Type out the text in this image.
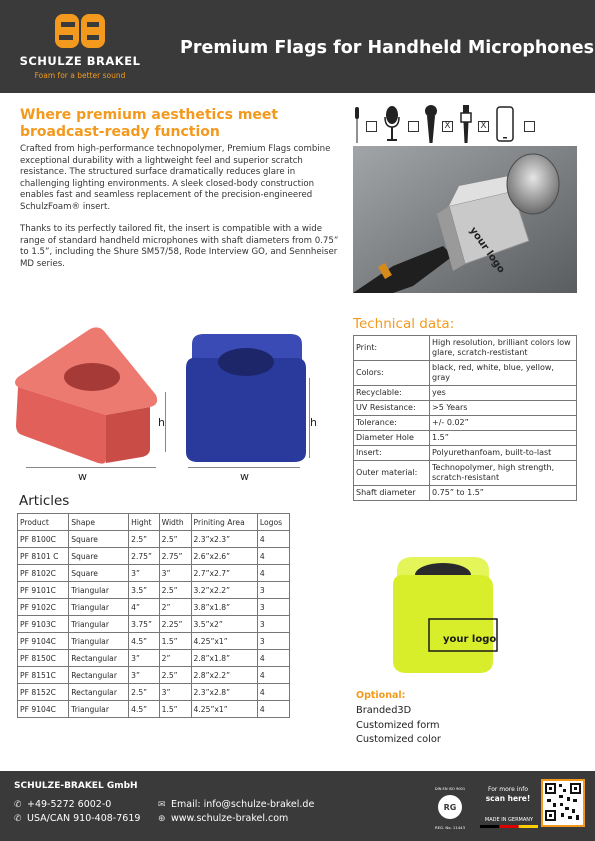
SCHULZE BRAKEL
Foam for a better sound
Premium Flags for Handheld Microphones
Where premium aesthetics meet broadcast-ready function

Crafted from high-performance technopolymer, Premium Flags combine exceptional durability with a lightweight feel and superior scratch resistance. The structured surface dramatically reduces glare in challenging lighting environments. A sleek closed-body construction enables fast and seamless replacement of the precision-engineered SchulzFoam® insert.

Thanks to its perfectly tailored fit, the insert is compatible with a wide range of standard handheld microphones with shaft diameters from 0.75” to 1.5”, including the Shure SM57/58, Rode Interview GO, and Sennheiser MD series.

X	X
your logo
h
w
h
w
Technical data:
Print:	High resolution, brilliant colors low glare, scratch-restistant
Colors:	black, red, white, blue, yellow, gray
Recyclable:	yes
UV Resistance:	>5 Years
Tolerance:	+/- 0.02”
Diameter Hole	1.5”
Insert:	Polyurethanfoam, built-to-last
Outer material:	Technopolymer, high strength, scratch-resistant
Shaft diameter	0.75” to 1.5”
Articles
Product	Shape	Hight	Width	Priniting Area	Logos
PF 8100C	Square	2.5”	2.5”	2.3”x2.3”	4
PF 8101 C	Square	2.75”	2.75”	2.6”x2.6”	4
PF 8102C	Square	3”	3”	2.7”x2.7”	4
PF 9101C	Triangular	3.5”	2.5”	3.2”x2.2”	3
PF 9102C	Triangular	4”	2”	3.8”x1.8”	3
PF 9103C	Triangular	3.75”	2.25”	3.5”x2”	3
PF 9104C	Triangular	4.5”	1.5”	4.25”x1”	3
PF 8150C	Rectangular	3”	2”	2.8”x1.8”	4
PF 8151C	Rectangular	3”	2.5”	2.8”x2.2”	4
PF 8152C	Rectangular	2.5”	3”	2.3”x2.8”	4
PF 9104C	Triangular	4.5”	1.5”	4.25”x1”	4
your logo
Optional:
Branded3D
Customized form
Customized color
SCHULZE-BRAKEL GmbH
✆ +49-5272 6002-0
✆ USA/CAN 910-408-7619
✉ Email: info@schulze-brakel.de
⊕ www.schulze-brakel.com
DIN EN ISO 9001
RG
REG. No. 11443
For more info
scan here!
MADE IN GERMANY
